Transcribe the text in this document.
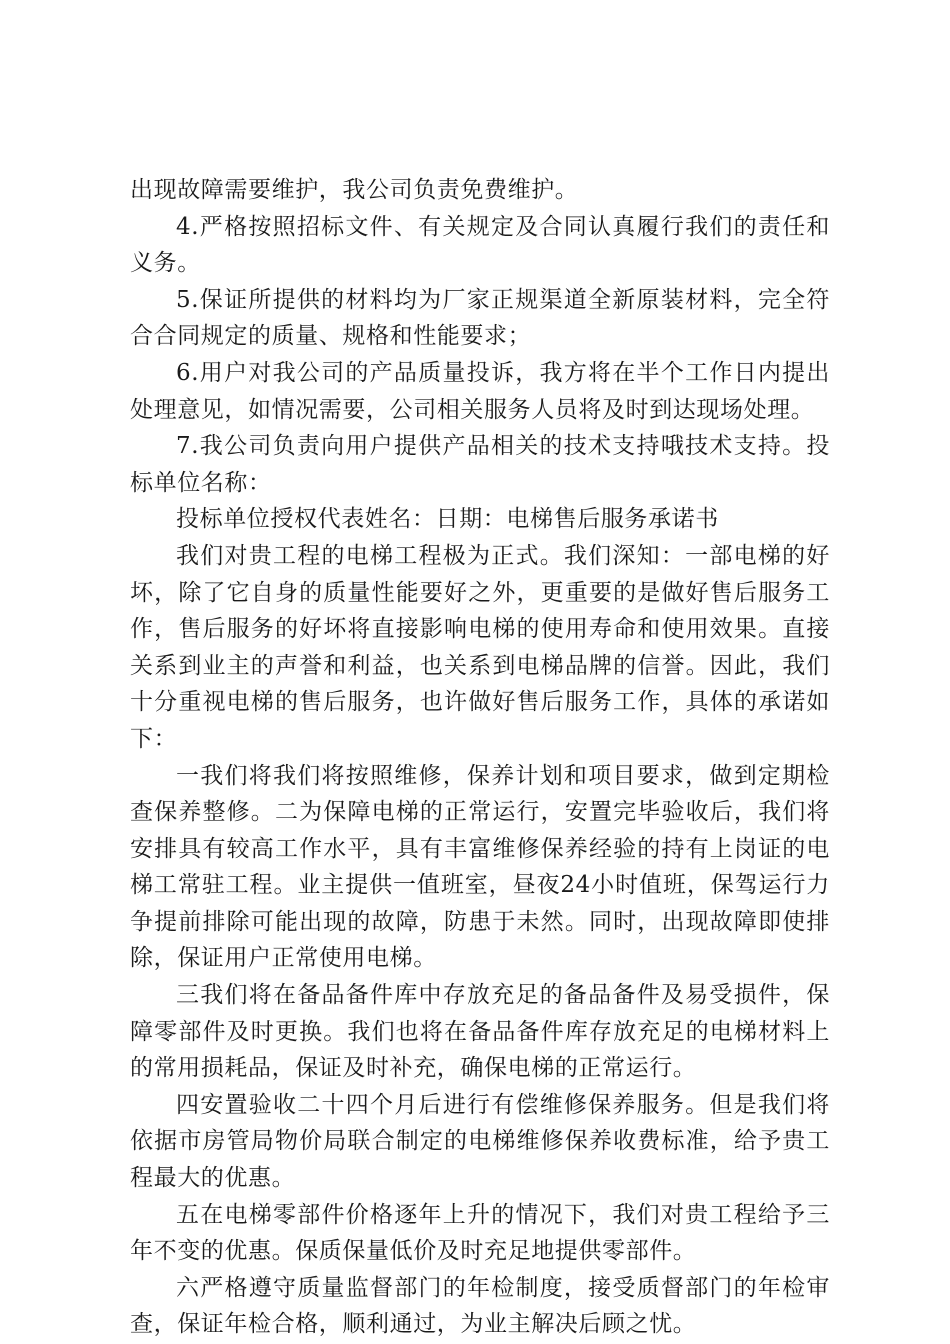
出现故障需要维护，我公司负责免费维护。

4.严格按照招标文件、有关规定及合同认真履行我们的责任和义务。

5.保证所提供的材料均为厂家正规渠道全新原装材料，完全符合合同规定的质量、规格和性能要求；

6.用户对我公司的产品质量投诉，我方将在半个工作日内提出处理意见，如情况需要，公司相关服务人员将及时到达现场处理。

7.我公司负责向用户提供产品相关的技术支持哦技术支持。投标单位名称：

投标单位授权代表姓名：日期：电梯售后服务承诺书

我们对贵工程的电梯工程极为正式。我们深知：一部电梯的好坏，除了它自身的质量性能要好之外，更重要的是做好售后服务工作，售后服务的好坏将直接影响电梯的使用寿命和使用效果。直接关系到业主的声誉和利益，也关系到电梯品牌的信誉。因此，我们十分重视电梯的售后服务，也许做好售后服务工作，具体的承诺如下：

一我们将我们将按照维修，保养计划和项目要求，做到定期检查保养整修。二为保障电梯的正常运行，安置完毕验收后，我们将安排具有较高工作水平，具有丰富维修保养经验的持有上岗证的电梯工常驻工程。业主提供一值班室，昼夜24小时值班，保驾运行力争提前排除可能出现的故障，防患于未然。同时，出现故障即使排除，保证用户正常使用电梯。

三我们将在备品备件库中存放充足的备品备件及易受损件，保障零部件及时更换。我们也将在备品备件库存放充足的电梯材料上的常用损耗品，保证及时补充，确保电梯的正常运行。

四安置验收二十四个月后进行有偿维修保养服务。但是我们将依据市房管局物价局联合制定的电梯维修保养收费标准，给予贵工程最大的优惠。

五在电梯零部件价格逐年上升的情况下，我们对贵工程给予三年不变的优惠。保质保量低价及时充足地提供零部件。

六严格遵守质量监督部门的年检制度，接受质督部门的年检审查，保证年检合格，顺利通过，为业主解决后顾之忧。
